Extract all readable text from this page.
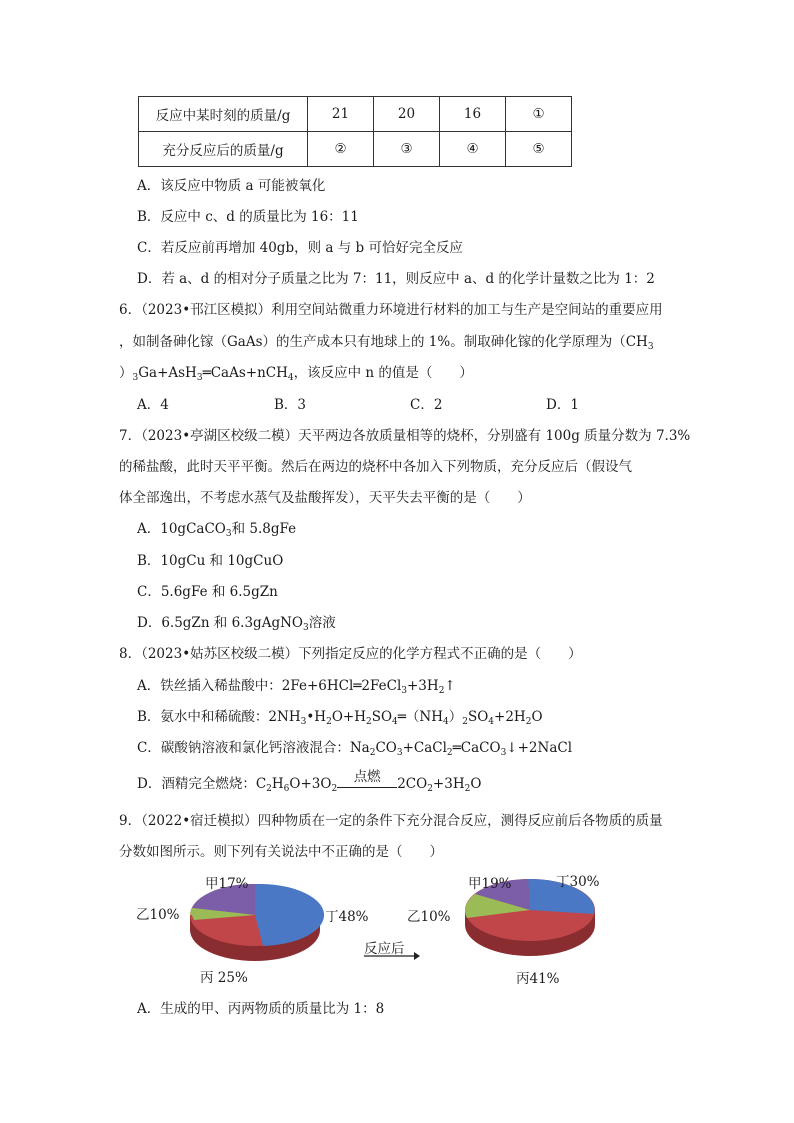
反应中某时刻的质量/g	21	20	16	①
充分反应后的质量/g	②	③	④	⑤
A．该反应中物质 a 可能被氧化
B．反应中 c、d 的质量比为 16：11
C．若反应前再增加 40gb，则 a 与 b 可恰好完全反应
D．若 a、d 的相对分子质量之比为 7：11，则反应中 a、d 的化学计量数之比为 1：2
6．（2023•邗江区模拟）利用空间站微重力环境进行材料的加工与生产是空间站的重要应用
，如制备砷化镓（GaAs）的生产成本只有地球上的 1%。制取砷化镓的化学原理为（$CH_3$
）$_3Ga+AsH_3═CaAs+nCH_4$，该反应中 n 的值是（　　）
A．4	B．3	C．2	D．1
7．（2023•亭湖区校级二模）天平两边各放质量相等的烧杯，分别盛有 100g 质量分数为 7.3%
的稀盐酸，此时天平平衡。然后在两边的烧杯中各加入下列物质，充分反应后（假设气
体全部逸出，不考虑水蒸气及盐酸挥发），天平失去平衡的是（　　）
A．10gCaCO$_3$和 5.8gFe
B．10gCu 和 10gCuO
C．5.6gFe 和 6.5gZn
D．6.5gZn 和 6.3gAgNO$_3$溶液
8．（2023•姑苏区校级二模）下列指定反应的化学方程式不正确的是（　　）
A．铁丝插入稀盐酸中：$2Fe+6HCl═2FeCl_3+3H_2↑$
B．氨水中和稀硫酸：$2NH_3•H_2O+H_2SO_4═(NH_4)_2SO_4+2H_2O$
C．碳酸钠溶液和氯化钙溶液混合：$Na_2CO_3+CaCl_2═CaCO_3↓+2NaCl$
D．酒精完全燃烧：$C_2H_6O+3O_2$
点燃	$2CO_2+3H_2O$
9．（2022•宿迁模拟）四种物质在一定的条件下充分混合反应，测得反应前后各物质的质量
分数如图所示。则下列有关说法中不正确的是（　　）
甲17%
乙10%	丁48%
丙 25%
反应后
甲19%	丁30%
乙10%
丙41%
A．生成的甲、丙两物质的质量比为 1：8
